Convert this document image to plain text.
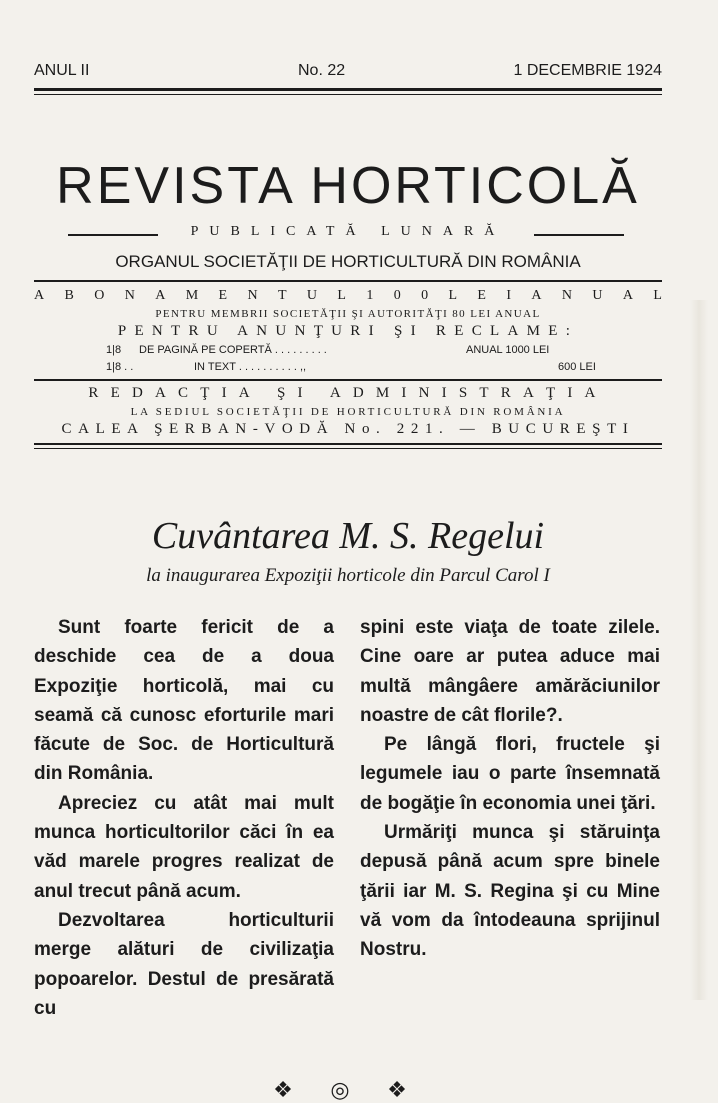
ANUL II	No. 22	1 DECEMBRIE 1924
REVISTA HORTICOLĂ
PUBLICATĂ LUNARĂ
ORGANUL SOCIETĂŢII DE HORTICULTURĂ DIN ROMÂNIA
A B O N A M E N T U L 1 0 0 L E I A N U A L
PENTRU MEMBRII SOCIETĂŢII ŞI AUTORITĂŢI 80 LEI ANUAL
PENTRU ANUNŢURI ŞI RECLAME:
1|8 DE PAGINĂ PE COPERTĂ . . . . . . . . .	ANUAL 1000 LEI
1|8 . .	IN TEXT . . . . . . . . . . ,,	600 LEI
REDACŢIA ŞI ADMINISTRAŢIA
LA SEDIUL SOCIETĂŢII DE HORTICULTURĂ DIN ROMÂNIA
CALEA ŞERBAN-VODĂ No. 221. — BUCUREŞTI
Cuvântarea M. S. Regelui
la inaugurarea Expoziţii horticole din Parcul Carol I

Sunt foarte fericit de a deschide cea de a doua Expoziţie horticolă, mai cu seamă că cunosc eforturile mari făcute de Soc. de Horticultură din România.

Apreciez cu atât mai mult munca horticultorilor căci în ea văd marele progres realizat de anul trecut până acum.

Dezvoltarea horticulturii merge alături de civilizaţia popoarelor. Destul de presărată cu

spini este viaţa de toate zilele. Cine oare ar putea aduce mai multă mângâere amărăciunilor noastre de cât florile?.

Pe lângă flori, fructele şi legumele iau o parte însemnată de bogăţie în economia unei ţări.

Urmăriţi munca şi stăruinţa depusă până acum spre binele ţării iar M. S. Regina şi cu Mine vă vom da întodeauna sprijinul Nostru.

❖ ◎ ❖
